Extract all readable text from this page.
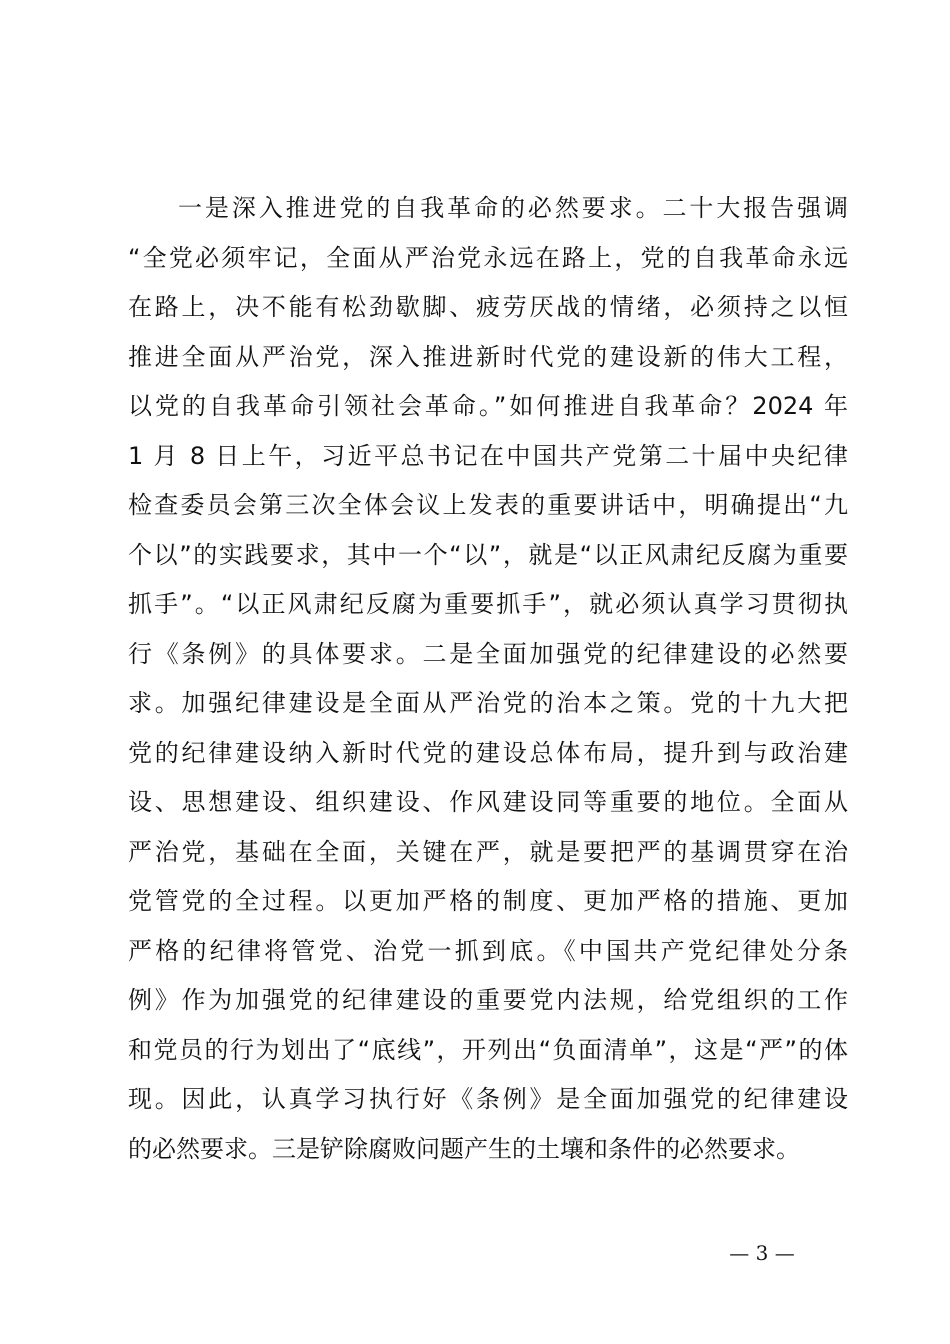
一是深入推进党的自我革命的必然要求。二十大报告强调
“全党必须牢记，全面从严治党永远在路上，党的自我革命永远
在路上，决不能有松劲歇脚、疲劳厌战的情绪，必须持之以恒
推进全面从严治党，深入推进新时代党的建设新的伟大工程，
以党的自我革命引领社会革命。”如何推进自我革命？2024 年
1 月 8 日上午，习近平总书记在中国共产党第二十届中央纪律
检查委员会第三次全体会议上发表的重要讲话中，明确提出“九
个以”的实践要求，其中一个“以”，就是“以正风肃纪反腐为重要
抓手”。“以正风肃纪反腐为重要抓手”，就必须认真学习贯彻执
行《条例》的具体要求。二是全面加强党的纪律建设的必然要
求。加强纪律建设是全面从严治党的治本之策。党的十九大把
党的纪律建设纳入新时代党的建设总体布局，提升到与政治建
设、思想建设、组织建设、作风建设同等重要的地位。全面从
严治党，基础在全面，关键在严，就是要把严的基调贯穿在治
党管党的全过程。以更加严格的制度、更加严格的措施、更加
严格的纪律将管党、治党一抓到底。《中国共产党纪律处分条
例》作为加强党的纪律建设的重要党内法规，给党组织的工作
和党员的行为划出了“底线”，开列出“负面清单”，这是“严”的体
现。因此，认真学习执行好《条例》是全面加强党的纪律建设
的必然要求。三是铲除腐败问题产生的土壤和条件的必然要求。
— 3 —
